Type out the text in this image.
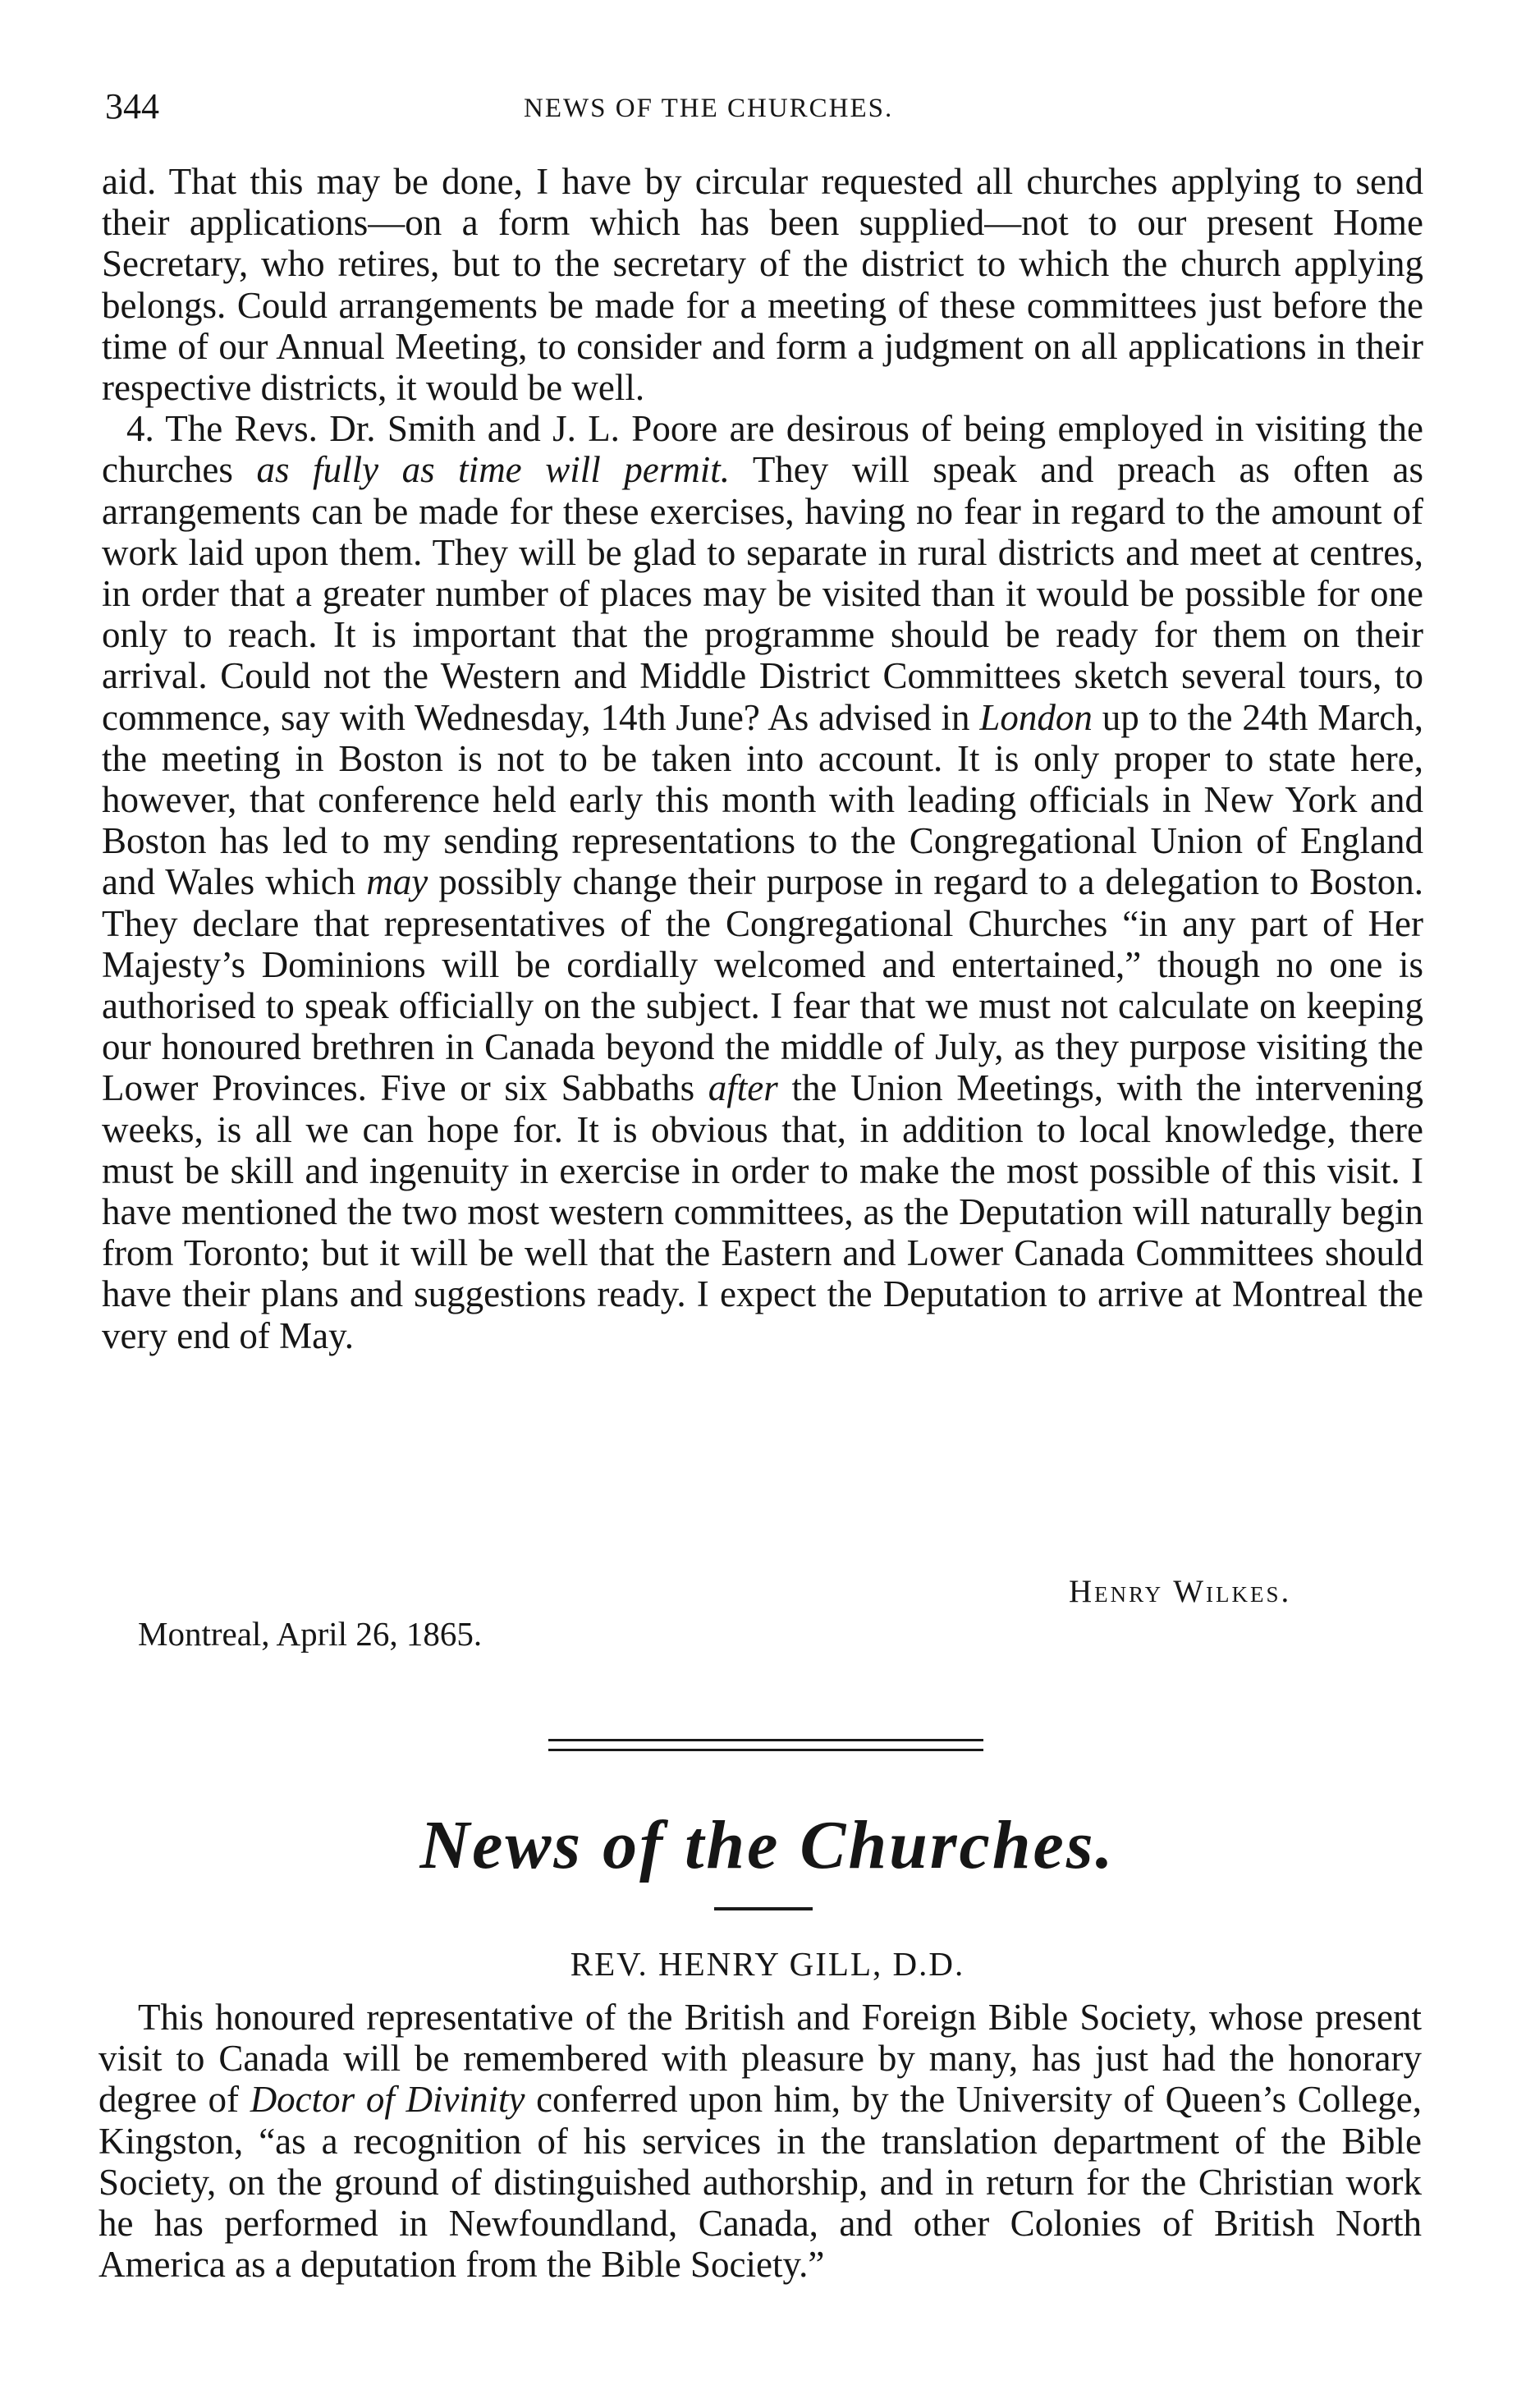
344	NEWS OF THE CHURCHES.

aid. That this may be done, I have by circular requested all churches applying to send their applications—on a form which has been supplied—not to our present Home Secretary, who retires, but to the secretary of the district to which the church applying belongs. Could arrangements be made for a meeting of these committees just before the time of our Annual Meeting, to consider and form a judgment on all applications in their respective districts, it would be well.

4. The Revs. Dr. Smith and J. L. Poore are desirous of being employed in visiting the churches as fully as time will permit. They will speak and preach as often as arrangements can be made for these exercises, having no fear in regard to the amount of work laid upon them. They will be glad to separate in rural districts and meet at centres, in order that a greater number of places may be visited than it would be possible for one only to reach. It is important that the programme should be ready for them on their arrival. Could not the Western and Middle District Committees sketch several tours, to commence, say with Wednesday, 14th June? As advised in London up to the 24th March, the meeting in Boston is not to be taken into account. It is only proper to state here, however, that conference held early this month with leading officials in New York and Boston has led to my sending representations to the Congregational Union of England and Wales which may possibly change their purpose in regard to a delegation to Boston. They declare that representatives of the Congregational Churches “in any part of Her Majesty’s Dominions will be cordially welcomed and entertained,” though no one is authorised to speak officially on the subject. I fear that we must not calculate on keeping our honoured brethren in Canada beyond the middle of July, as they purpose visiting the Lower Provinces. Five or six Sabbaths after the Union Meetings, with the intervening weeks, is all we can hope for. It is obvious that, in addition to local knowledge, there must be skill and ingenuity in exercise in order to make the most possible of this visit. I have mentioned the two most western committees, as the Deputation will naturally begin from Toronto; but it will be well that the Eastern and Lower Canada Committees should have their plans and suggestions ready. I expect the Deputation to arrive at Montreal the very end of May.

Henry Wilkes.
Montreal, April 26, 1865.
News of the Churches.
REV. HENRY GILL, D.D.

This honoured representative of the British and Foreign Bible Society, whose present visit to Canada will be remembered with pleasure by many, has just had the honorary degree of Doctor of Divinity conferred upon him, by the University of Queen’s College, Kingston, “as a recognition of his services in the translation department of the Bible Society, on the ground of distinguished authorship, and in return for the Christian work he has performed in Newfoundland, Canada, and other Colonies of British North America as a deputation from the Bible Society.”
